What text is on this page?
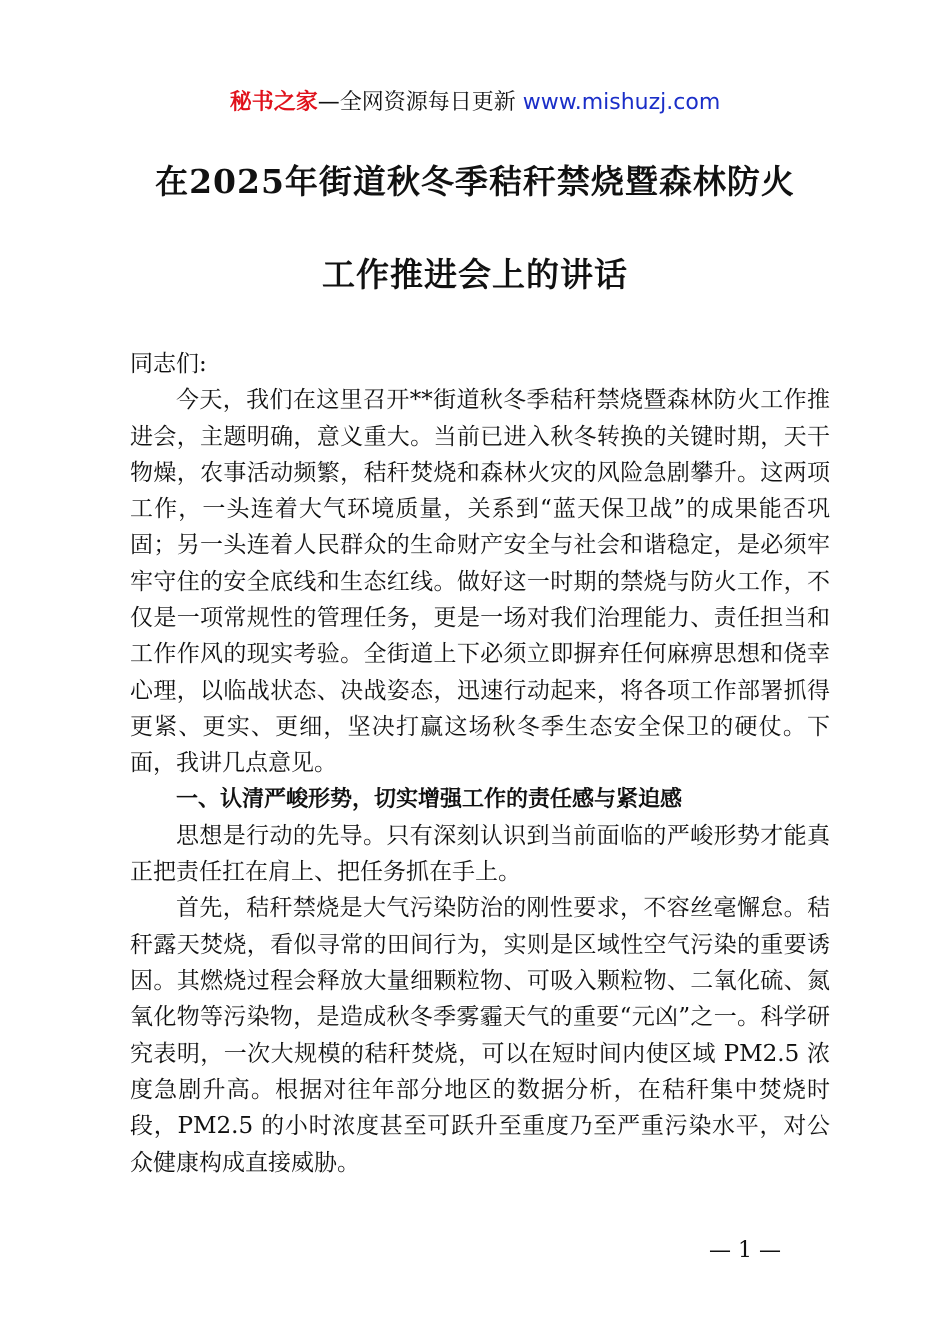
秘书之家—全网资源每日更新 www.mishuzj.com
在2025年街道秋冬季秸秆禁烧暨森林防火
工作推进会上的讲话

同志们:

今天，我们在这里召开**街道秋冬季秸秆禁烧暨森林防火工作推进会，主题明确，意义重大。当前已进入秋冬转换的关键时期，天干物燥，农事活动频繁，秸秆焚烧和森林火灾的风险急剧攀升。这两项工作，一头连着大气环境质量，关系到“蓝天保卫战”的成果能否巩固；另一头连着人民群众的生命财产安全与社会和谐稳定，是必须牢牢守住的安全底线和生态红线。做好这一时期的禁烧与防火工作，不仅是一项常规性的管理任务，更是一场对我们治理能力、责任担当和工作作风的现实考验。全街道上下必须立即摒弃任何麻痹思想和侥幸心理，以临战状态、决战姿态，迅速行动起来，将各项工作部署抓得更紧、更实、更细，坚决打赢这场秋冬季生态安全保卫的硬仗。下面，我讲几点意见。

一、认清严峻形势，切实增强工作的责任感与紧迫感

思想是行动的先导。只有深刻认识到当前面临的严峻形势才能真正把责任扛在肩上、把任务抓在手上。

首先，秸秆禁烧是大气污染防治的刚性要求，不容丝毫懈怠。秸秆露天焚烧，看似寻常的田间行为，实则是区域性空气污染的重要诱因。其燃烧过程会释放大量细颗粒物、可吸入颗粒物、二氧化硫、氮氧化物等污染物，是造成秋冬季雾霾天气的重要“元凶”之一。科学研究表明，一次大规模的秸秆焚烧，可以在短时间内使区域 PM2.5 浓度急剧升高。根据对往年部分地区的数据分析，在秸秆集中焚烧时段，PM2.5 的小时浓度甚至可跃升至重度乃至严重污染水平，对公众健康构成直接威胁。

— 1 —
